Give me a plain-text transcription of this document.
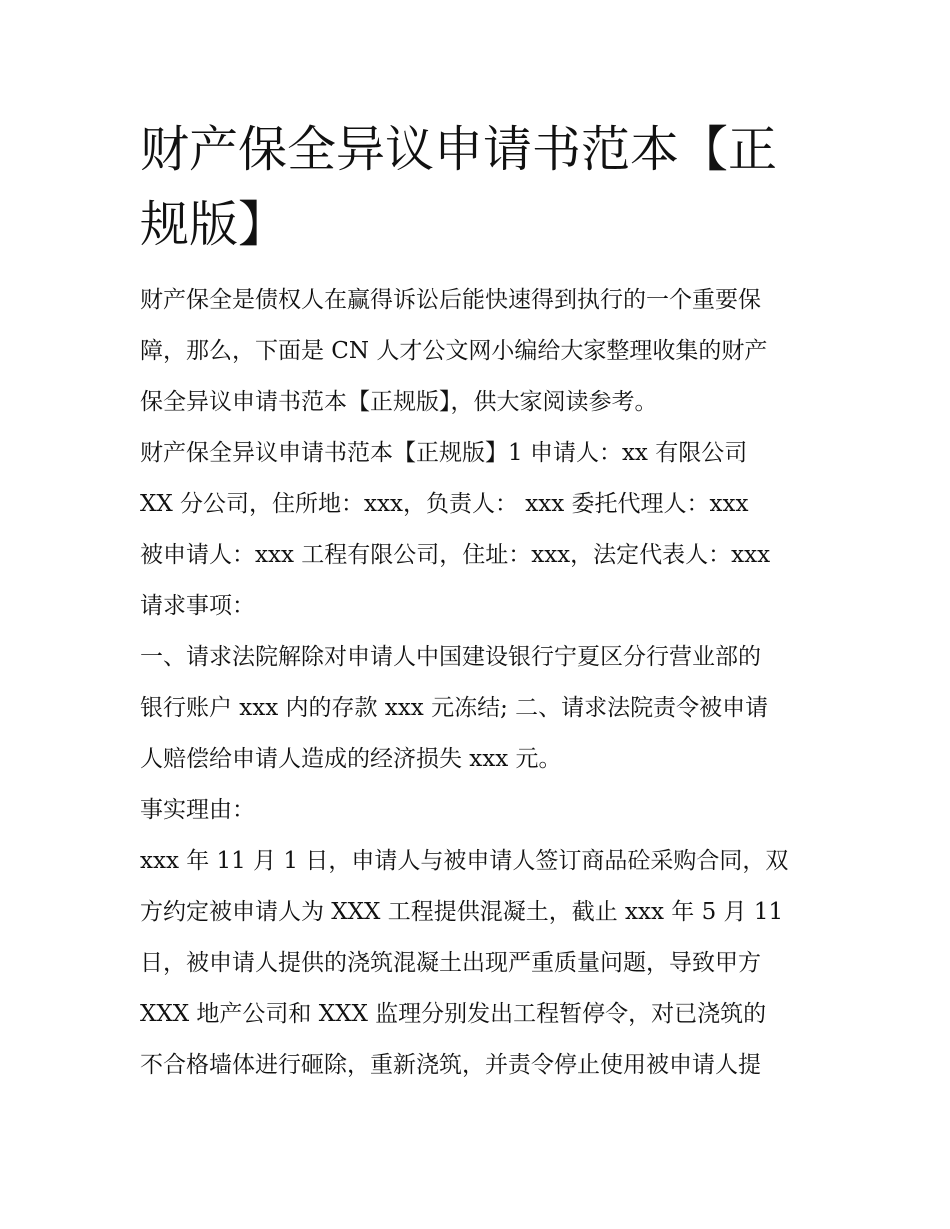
财产保全异议申请书范本【正
规版】
财产保全是债权人在赢得诉讼后能快速得到执行的一个重要保
障，那么，下面是 CN 人才公文网小编给大家整理收集的财产
保全异议申请书范本【正规版】，供大家阅读参考。
财产保全异议申请书范本【正规版】1 申请人：xx 有限公司
XX 分公司，住所地：xxx，负责人： xxx 委托代理人：xxx
被申请人：xxx 工程有限公司，住址：xxx，法定代表人：xxx
请求事项：
一、请求法院解除对申请人中国建设银行宁夏区分行营业部的
银行账户 xxx 内的存款 xxx 元冻结; 二、请求法院责令被申请
人赔偿给申请人造成的经济损失 xxx 元。
事实理由：
xxx 年 11 月 1 日，申请人与被申请人签订商品砼采购合同，双
方约定被申请人为 XXX 工程提供混凝土，截止 xxx 年 5 月 11
日，被申请人提供的浇筑混凝土出现严重质量问题，导致甲方
XXX 地产公司和 XXX 监理分别发出工程暂停令，对已浇筑的
不合格墙体进行砸除，重新浇筑，并责令停止使用被申请人提
